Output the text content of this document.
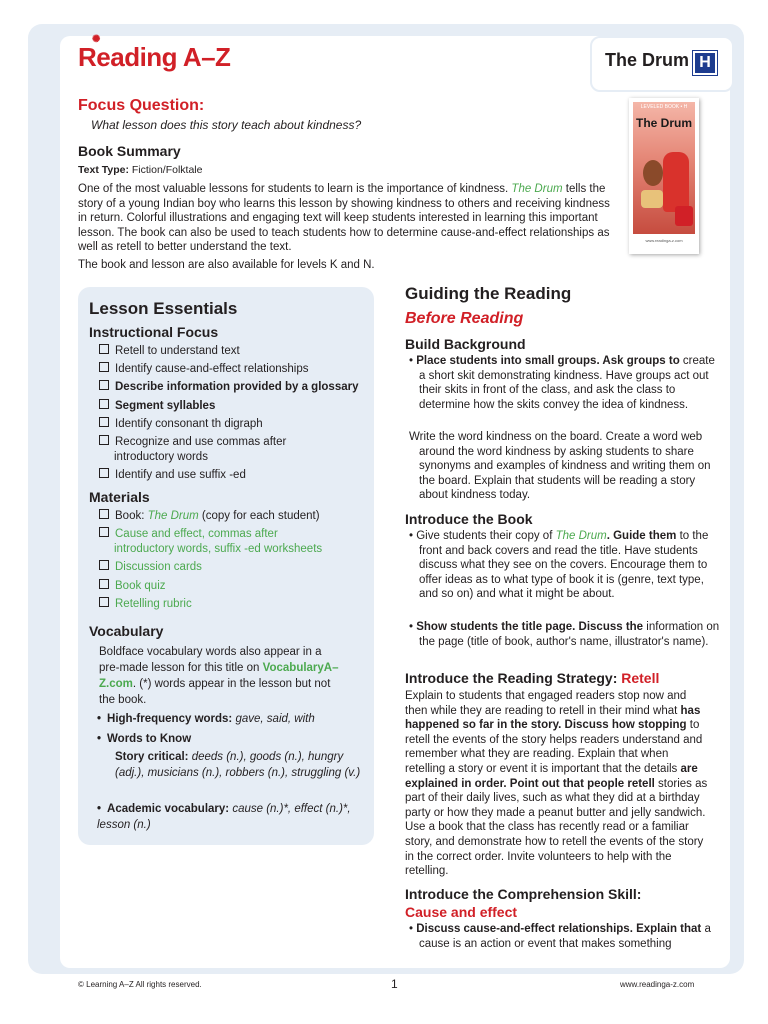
✺
Reading A–Z	The Drum H
LEVELED BOOK • H
The Drum
www.readinga-z.com
Focus Question:
What lesson does this story teach about kindness?
Book Summary
Text Type: Fiction/Folktale
One of the most valuable lessons for students to learn is the importance of kindness. The Drum tells the story of a young Indian boy who learns this lesson by showing kindness to others and receiving kindness in return. Colorful illustrations and engaging text will keep students interested in learning this important lesson. The book can also be used to teach students how to determine cause-and-effect relationships as well as retell to better understand the text.
The book and lesson are also available for levels K and N.
Lesson Essentials
Instructional Focus
Retell to understand text
Identify cause-and-effect relationships
Describe information provided by a glossary
Segment syllables
Identify consonant th digraph
Recognize and use commas after
introductory words
Identify and use suffix -ed
Materials
Book: The Drum (copy for each student)
Cause and effect, commas after
introductory words, suffix -ed worksheets
Discussion cards
Book quiz
Retelling rubric
Vocabulary
Boldface vocabulary words also appear in a pre-made lesson for this title on VocabularyA–Z.com. (*) words appear in the lesson but not the book.
• High-frequency words: gave, said, with
• Words to Know
Story critical: deeds (n.), goods (n.), hungry (adj.), musicians (n.), robbers (n.), struggling (v.)
• Academic vocabulary: cause (n.)*, effect (n.)*, lesson (n.)
Guiding the Reading
Before Reading
Build Background
• Place students into small groups. Ask groups to create a short skit demonstrating kindness. Have groups act out their skits in front of the class, and ask the class to determine how the skits convey the idea of kindness.
Write the word kindness on the board. Create a word web around the word kindness by asking students to share synonyms and examples of kindness and writing them on the board. Explain that students will be reading a story about kindness today.
Introduce the Book
• Give students their copy of The Drum. Guide them to the front and back covers and read the title. Have students discuss what they see on the covers. Encourage them to offer ideas as to what type of book it is (genre, text type, and so on) and what it might be about.
• Show students the title page. Discuss the information on the page (title of book, author's name, illustrator's name).
Introduce the Reading Strategy: Retell
Explain to students that engaged readers stop now and then while they are reading to retell in their mind what has happened so far in the story. Discuss how stopping to retell the events of the story helps readers understand and remember what they are reading. Explain that when retelling a story or event it is important that the details are explained in order. Point out that people retell stories as part of their daily lives, such as what they did at a birthday party or how they made a peanut butter and jelly sandwich. Use a book that the class has recently read or a familiar story, and demonstrate how to retell the events of the story in the correct order. Invite volunteers to help with the retelling.
Introduce the Comprehension Skill:
Cause and effect
• Discuss cause-and-effect relationships. Explain that a cause is an action or event that makes something
© Learning A–Z All rights reserved.	1	www.readinga-z.com
